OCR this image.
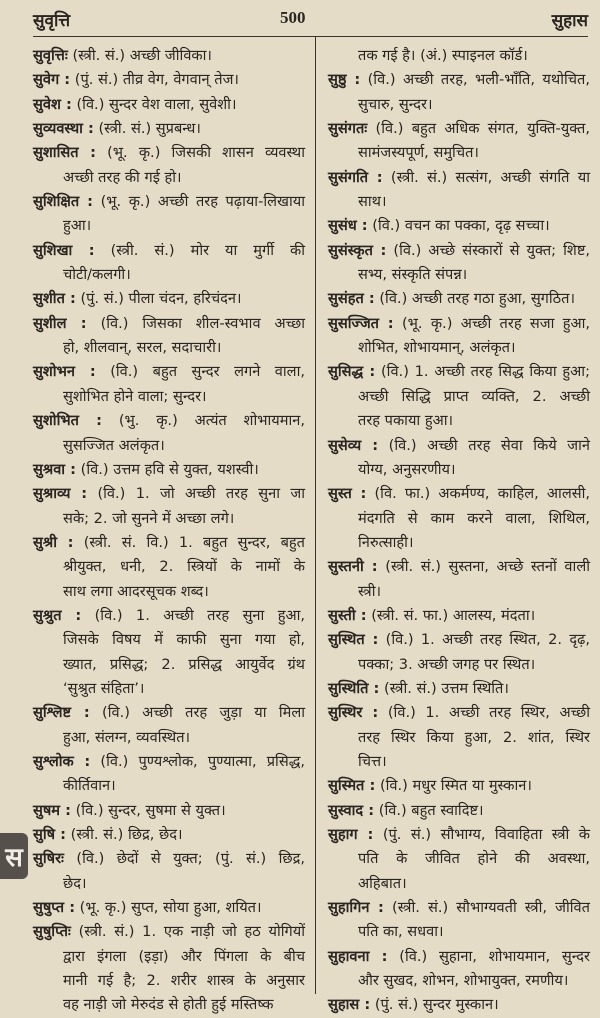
सुवृत्ति	500	सुहास
सुवृत्तिः (स्त्री. सं.) अच्छी जीविका।
सुवेग : (पुं. सं.) तीव्र वेग, वेगवान् तेज।
सुवेश : (वि.) सुन्दर वेश वाला, सुवेशी।
सुव्यवस्था : (स्त्री. सं.) सुप्रबन्ध।
सुशासित : (भू. कृ.) जिसकी शासन व्यवस्था
अच्छी तरह की गई हो।
सुशिक्षित : (भू. कृ.) अच्छी तरह पढ़ाया-लिखाया
हुआ।
सुशिखा : (स्त्री. सं.) मोर या मुर्गी की
चोटी/कलगी।
सुशीत : (पुं. सं.) पीला चंदन, हरिचंदन।
सुशील : (वि.) जिसका शील-स्वभाव अच्छा
हो, शीलवान्, सरल, सदाचारी।
सुशोभन : (वि.) बहुत सुन्दर लगने वाला,
सुशोभित होने वाला; सुन्दर।
सुशोभित : (भु. कृ.) अत्यंत शोभायमान,
सुसज्जित अलंकृत।
सुश्रवा : (वि.) उत्तम हवि से युक्त, यशस्वी।
सुश्राव्य : (वि.) 1. जो अच्छी तरह सुना जा
सके; 2. जो सुनने में अच्छा लगे।
सुश्री : (स्त्री. सं. वि.) 1. बहुत सुन्दर, बहुत
श्रीयुक्त, धनी, 2. स्त्रियों के नामों के
साथ लगा आदरसूचक शब्द।
सुश्रुत : (वि.) 1. अच्छी तरह सुना हुआ,
जिसके विषय में काफी सुना गया हो,
ख्यात, प्रसिद्ध; 2. प्रसिद्ध आयुर्वेद ग्रंथ
‘सुश्रुत संहिता’।
सुश्लिष्ट : (वि.) अच्छी तरह जुड़ा या मिला
हुआ, संलग्न, व्यवस्थित।
सुश्लोक : (वि.) पुण्यश्लोक, पुण्यात्मा, प्रसिद्ध,
कीर्तिवान।
सुषम : (वि.) सुन्दर, सुषमा से युक्त।
सुषि : (स्त्री. सं.) छिद्र, छेद।
सुषिरः (वि.) छेदों से युक्त; (पुं. सं.) छिद्र,
छेद।
सुषुप्त : (भू. कृ.) सुप्त, सोया हुआ, शयित।
सुषुप्तिः (स्त्री. सं.) 1. एक नाड़ी जो हठ योगियों
द्वारा इंगला (इड़ा) और पिंगला के बीच
मानी गई है; 2. शरीर शास्त्र के अनुसार
वह नाड़ी जो मेरुदंड से होती हुई मस्तिष्क
तक गई है। (अं.) स्पाइनल कॉर्ड।
सुष्ठु : (वि.) अच्छी तरह, भली-भाँति, यथोचित,
सुचारु, सुन्दर।
सुसंगतः (वि.) बहुत अधिक संगत, युक्ति-युक्त,
सामंजस्यपूर्ण, समुचित।
सुसंगति : (स्त्री. सं.) सत्संग, अच्छी संगति या
साथ।
सुसंध : (वि.) वचन का पक्का, दृढ़ सच्चा।
सुसंस्कृत : (वि.) अच्छे संस्कारों से युक्त; शिष्ट,
सभ्य, संस्कृति संपन्न।
सुसंहत : (वि.) अच्छी तरह गठा हुआ, सुगठित।
सुसज्जित : (भू. कृ.) अच्छी तरह सजा हुआ,
शोभित, शोभायमान्, अलंकृत।
सुसिद्ध : (वि.) 1. अच्छी तरह सिद्ध किया हुआ;
अच्छी सिद्धि प्राप्त व्यक्ति, 2. अच्छी
तरह पकाया हुआ।
सुसेव्य : (वि.) अच्छी तरह सेवा किये जाने
योग्य, अनुसरणीय।
सुस्त : (वि. फा.) अकर्मण्य, काहिल, आलसी,
मंदगति से काम करने वाला, शिथिल,
निरुत्साही।
सुस्तनी : (स्त्री. सं.) सुस्तना, अच्छे स्तनों वाली
स्त्री।
सुस्ती : (स्त्री. सं. फा.) आलस्य, मंदता।
सुस्थित : (वि.) 1. अच्छी तरह स्थित, 2. दृढ़,
पक्का; 3. अच्छी जगह पर स्थित।
सुस्थिति : (स्त्री. सं.) उत्तम स्थिति।
सुस्थिर : (वि.) 1. अच्छी तरह स्थिर, अच्छी
तरह स्थिर किया हुआ, 2. शांत, स्थिर
चित्त।
सुस्मित : (वि.) मधुर स्मित या मुस्कान।
सुस्वाद : (वि.) बहुत स्वादिष्ट।
सुहाग : (पुं. सं.) सौभाग्य, विवाहिता स्त्री के
पति के जीवित होने की अवस्था,
अहिबात।
सुहागिन : (स्त्री. सं.) सौभाग्यवती स्त्री, जीवित
पति का, सधवा।
सुहावना : (वि.) सुहाना, शोभायमान, सुन्दर
और सुखद, शोभन, शोभायुक्त, रमणीय।
सुहास : (पुं. सं.) सुन्दर मुस्कान।
स
